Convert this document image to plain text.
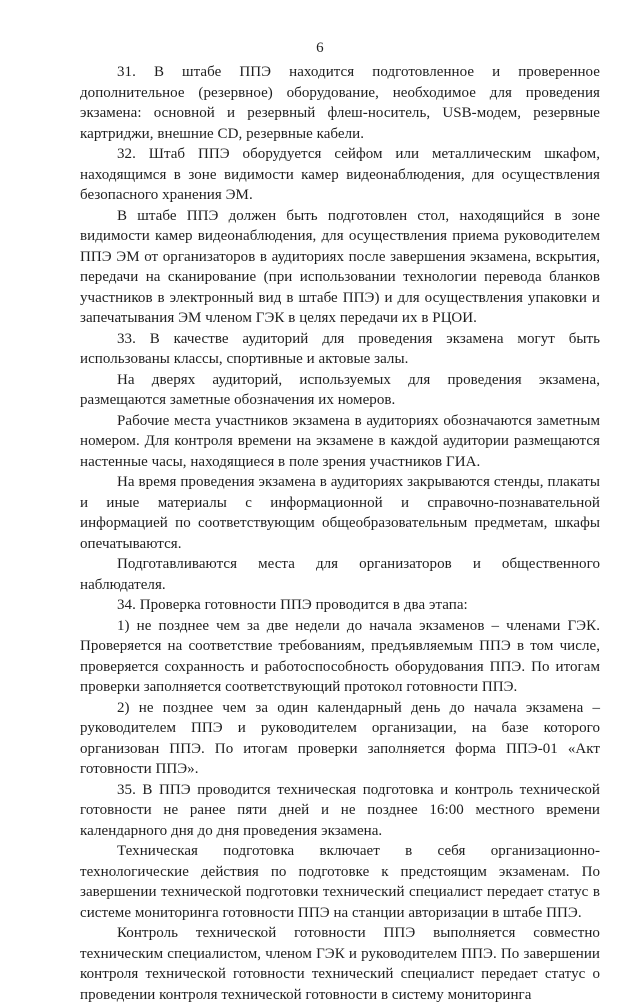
6

31. В штабе ППЭ находится подготовленное и проверенное дополнительное (резервное) оборудование, необходимое для проведения экзамена: основной и резервный флеш-носитель, USB-модем, резервные картриджи, внешние CD, резервные кабели.

32. Штаб ППЭ оборудуется сейфом или металлическим шкафом, находящимся в зоне видимости камер видеонаблюдения, для осуществления безопасного хранения ЭМ.

В штабе ППЭ должен быть подготовлен стол, находящийся в зоне видимости камер видеонаблюдения, для осуществления приема руководителем ППЭ ЭМ от организаторов в аудиториях после завершения экзамена, вскрытия, передачи на сканирование (при использовании технологии перевода бланков участников в электронный вид в штабе ППЭ) и для осуществления упаковки и запечатывания ЭМ членом ГЭК в целях передачи их в РЦОИ.

33. В качестве аудиторий для проведения экзамена могут быть использованы классы, спортивные и актовые залы.

На дверях аудиторий, используемых для проведения экзамена, размещаются заметные обозначения их номеров.

Рабочие места участников экзамена в аудиториях обозначаются заметным номером. Для контроля времени на экзамене в каждой аудитории размещаются настенные часы, находящиеся в поле зрения участников ГИА.

На время проведения экзамена в аудиториях закрываются стенды, плакаты и иные материалы с информационной и справочно-познавательной информацией по соответствующим общеобразовательным предметам, шкафы опечатываются.

Подготавливаются места для организаторов и общественного наблюдателя.

34. Проверка готовности ППЭ проводится в два этапа:

1) не позднее чем за две недели до начала экзаменов – членами ГЭК. Проверяется на соответствие требованиям, предъявляемым ППЭ в том числе, проверяется сохранность и работоспособность оборудования ППЭ. По итогам проверки заполняется соответствующий протокол готовности ППЭ.

2) не позднее чем за один календарный день до начала экзамена – руководителем ППЭ и руководителем организации, на базе которого организован ППЭ. По итогам проверки заполняется форма ППЭ-01 «Акт готовности ППЭ».

35. В ППЭ проводится техническая подготовка и контроль технической готовности не ранее пяти дней и не позднее 16:00 местного времени календарного дня до дня проведения экзамена.

Техническая подготовка включает в себя организационно-технологические действия по подготовке к предстоящим экзаменам. По завершении технической подготовки технический специалист передает статус в системе мониторинга готовности ППЭ на станции авторизации в штабе ППЭ.

Контроль технической готовности ППЭ выполняется совместно техническим специалистом, членом ГЭК и руководителем ППЭ. По завершении контроля технической готовности технический специалист передает статус о проведении контроля технической готовности в систему мониторинга
